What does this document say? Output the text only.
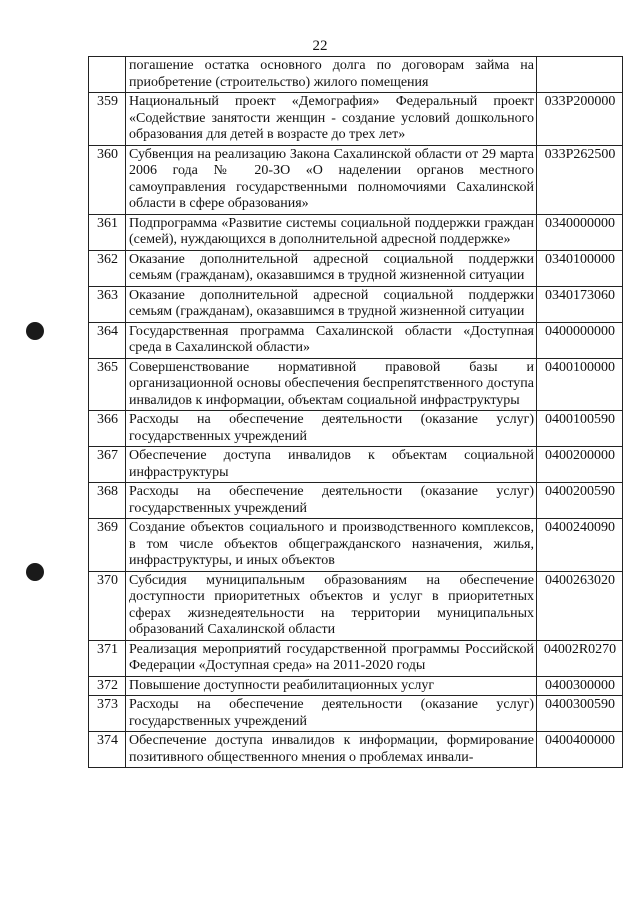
22
	погашение остатка основного долга по договорам займа на приобретение (строительство) жилого помещения	
359	Национальный проект «Демография» Федеральный проект «Содействие занятости женщин - создание условий дошкольного образования для детей в возрасте до трех лет»	033P200000
360	Субвенция на реализацию Закона Сахалинской области от 29 марта 2006 года № 20-ЗО «О наделении органов местного самоуправления государственными полномочиями Сахалинской области в сфере образования»	033P262500
361	Подпрограмма «Развитие системы социальной поддержки граждан (семей), нуждающихся в дополнительной адресной поддержке»	0340000000
362	Оказание дополнительной адресной социальной поддержки семьям (гражданам), оказавшимся в трудной жизненной ситуации	0340100000
363	Оказание дополнительной адресной социальной поддержки семьям (гражданам), оказавшимся в трудной жизненной ситуации	0340173060
364	Государственная программа Сахалинской области «Доступная среда в Сахалинской области»	0400000000
365	Совершенствование нормативной правовой базы и организационной основы обеспечения беспрепятственного доступа инвалидов к информации, объектам социальной инфраструктуры	0400100000
366	Расходы на обеспечение деятельности (оказание услуг) государственных учреждений	0400100590
367	Обеспечение доступа инвалидов к объектам социальной инфраструктуры	0400200000
368	Расходы на обеспечение деятельности (оказание услуг) государственных учреждений	0400200590
369	Создание объектов социального и производственного комплексов, в том числе объектов общегражданского назначения, жилья, инфраструктуры, и иных объектов	0400240090
370	Субсидия муниципальным образованиям на обеспечение доступности приоритетных объектов и услуг в приоритетных сферах жизнедеятельности на территории муниципальных образований Сахалинской области	0400263020
371	Реализация мероприятий государственной программы Российской Федерации «Доступная среда» на 2011-2020 годы	04002R0270
372	Повышение доступности реабилитационных услуг	0400300000
373	Расходы на обеспечение деятельности (оказание услуг) государственных учреждений	0400300590
374	Обеспечение доступа инвалидов к информации, формирование позитивного общественного мнения о проблемах инвали-	0400400000
